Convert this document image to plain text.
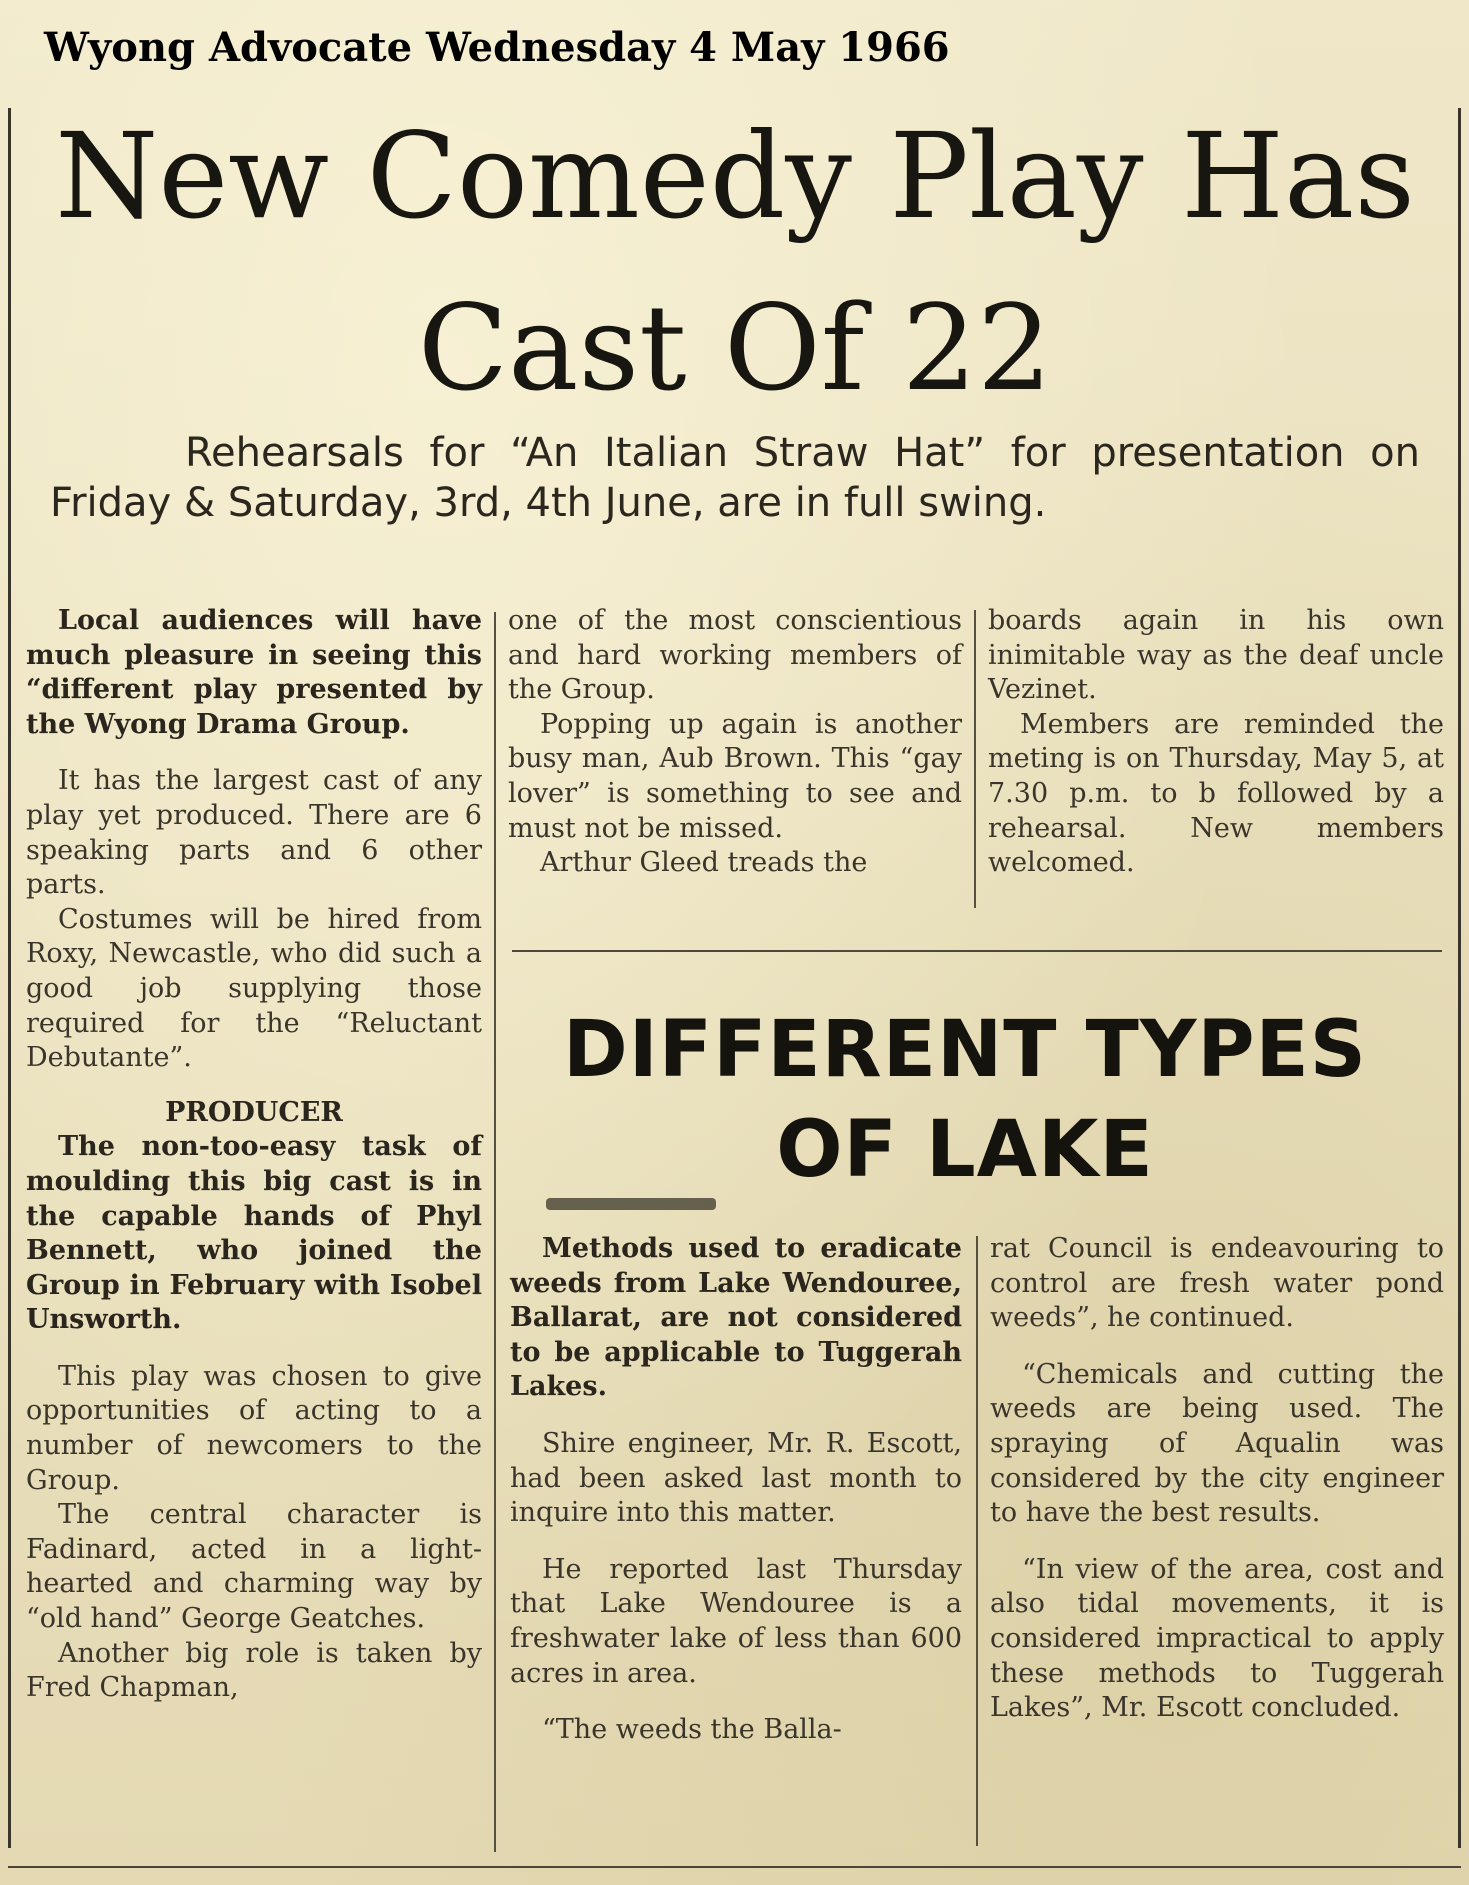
Wyong Advocate Wednesday 4 May 1966
New Comedy Play Has
Cast Of 22
Rehearsals for “An Italian Straw Hat” for presentation on Friday & Saturday, 3rd, 4th June, are in full swing.

Local audiences will have much pleasure in seeing this “different play presented by the Wyong Drama Group.

It has the largest cast of any play yet produced. There are 6 speaking parts and 6 other parts.

Costumes will be hired from Roxy, Newcastle, who did such a good job supplying those required for the “Reluctant Debutante”.

PRODUCER

The non-too-easy task of moulding this big cast is in the capable hands of Phyl Bennett, who joined the Group in February with Isobel Unsworth.

This play was chosen to give opportunities of acting to a number of newcomers to the Group.

The central character is Fadinard, acted in a light-hearted and charming way by “old hand” George Geatches.

Another big role is taken by Fred Chapman,

one of the most conscientious and hard working members of the Group.

Popping up again is another busy man, Aub Brown. This “gay lover” is something to see and must not be missed.

Arthur Gleed treads the

boards again in his own inimitable way as the deaf uncle Vezinet.

Members are reminded the meting is on Thursday, May 5, at 7.30 p.m. to b followed by a rehearsal. New members welcomed.

DIFFERENT TYPES
OF LAKE

Methods used to eradicate weeds from Lake Wendouree, Ballarat, are not considered to be applicable to Tuggerah Lakes.

Shire engineer, Mr. R. Escott, had been asked last month to inquire into this matter.

He reported last Thursday that Lake Wendouree is a freshwater lake of less than 600 acres in area.

“The weeds the Balla-

rat Council is endeavouring to control are fresh water pond weeds”, he continued.

“Chemicals and cutting the weeds are being used. The spraying of Aqualin was considered by the city engineer to have the best results.

“In view of the area, cost and also tidal movements, it is considered impractical to apply these methods to Tuggerah Lakes”, Mr. Escott concluded.
